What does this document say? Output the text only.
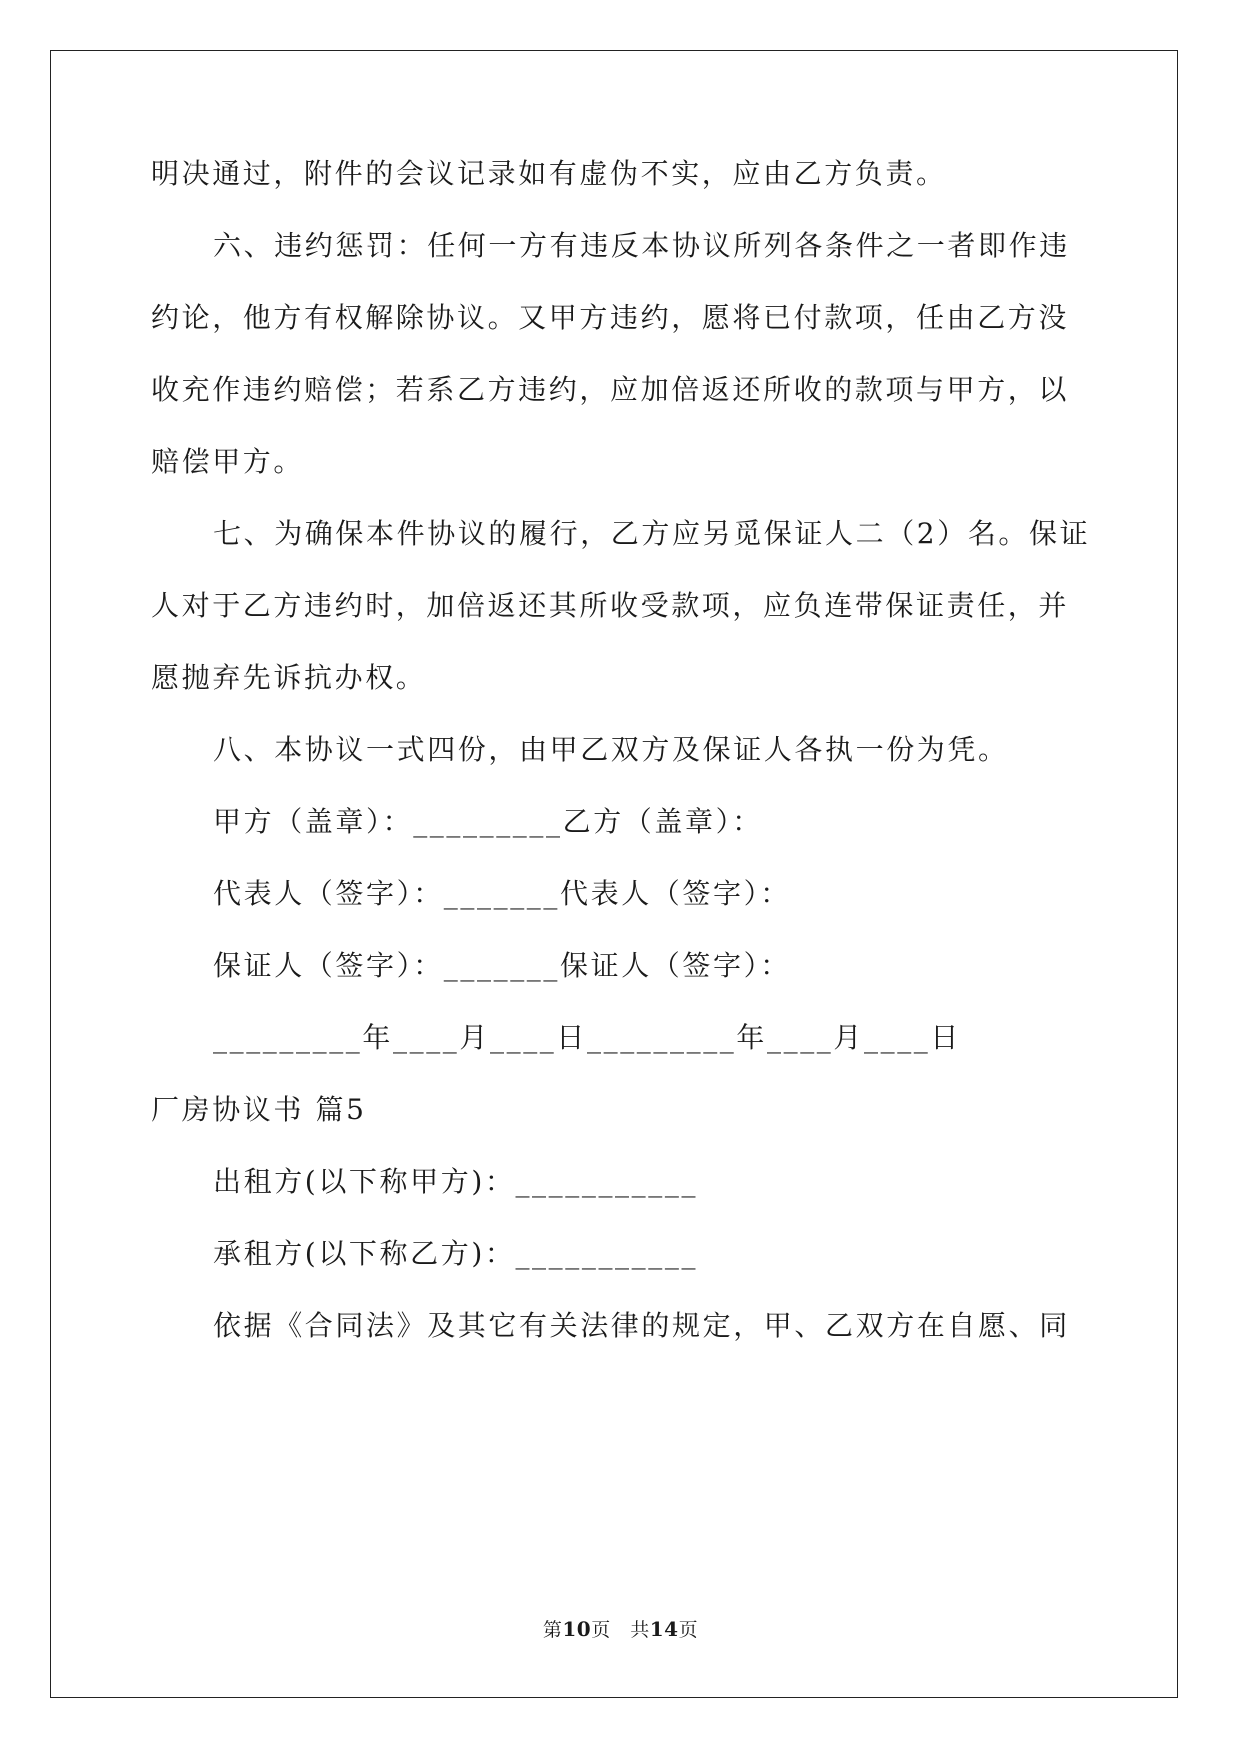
明决通过，附件的会议记录如有虚伪不实，应由乙方负责。
六、违约惩罚：任何一方有违反本协议所列各条件之一者即作违
约论，他方有权解除协议。又甲方违约，愿将已付款项，任由乙方没
收充作违约赔偿；若系乙方违约，应加倍返还所收的款项与甲方，以
赔偿甲方。
七、为确保本件协议的履行，乙方应另觅保证人二（2）名。保证
人对于乙方违约时，加倍返还其所收受款项，应负连带保证责任，并
愿抛弃先诉抗办权。
八、本协议一式四份，由甲乙双方及保证人各执一份为凭。
甲方（盖章）：_________乙方（盖章）：
代表人（签字）：_______代表人（签字）：
保证人（签字）：_______保证人（签字）：
_________年____月____日_________年____月____日
厂房协议书 篇5
出租方(以下称甲方)：___________
承租方(以下称乙方)：___________
依据《合同法》及其它有关法律的规定，甲、乙双方在自愿、同
第10页　共14页
